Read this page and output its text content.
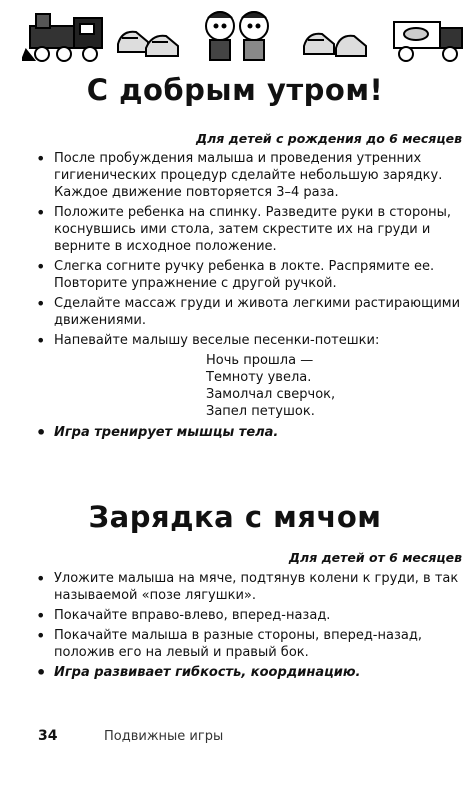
С добрым утром!

Для детей с рождения до 6 месяцев

• После пробуждения малыша и проведения утренних гигиенических процедур сделайте небольшую зарядку. Каждое движение повторяется 3–4 раза.
• Положите ребенка на спинку. Разведите руки в стороны, коснувшись ими стола, затем скрестите их на груди и верните в исходное положение.
• Слегка согните ручку ребенка в локте. Распрямите ее. Повторите упражнение с другой ручкой.
• Сделайте массаж груди и живота легкими растирающими движениями.
• Напевайте малышу веселые песенки-потешки:
Ночь прошла —
Темноту увела.
Замолчал сверчок,
Запел петушок.
• Игра тренирует мышцы тела.
Зарядка с мячом

Для детей от 6 месяцев

• Уложите малыша на мяче, подтянув колени к груди, в так называемой «позе лягушки».
• Покачайте вправо-влево, вперед-назад.
• Покачайте малыша в разные стороны, вперед-назад, положив его на левый и правый бок.
• Игра развивает гибкость, координацию.
34	Подвижные игры
